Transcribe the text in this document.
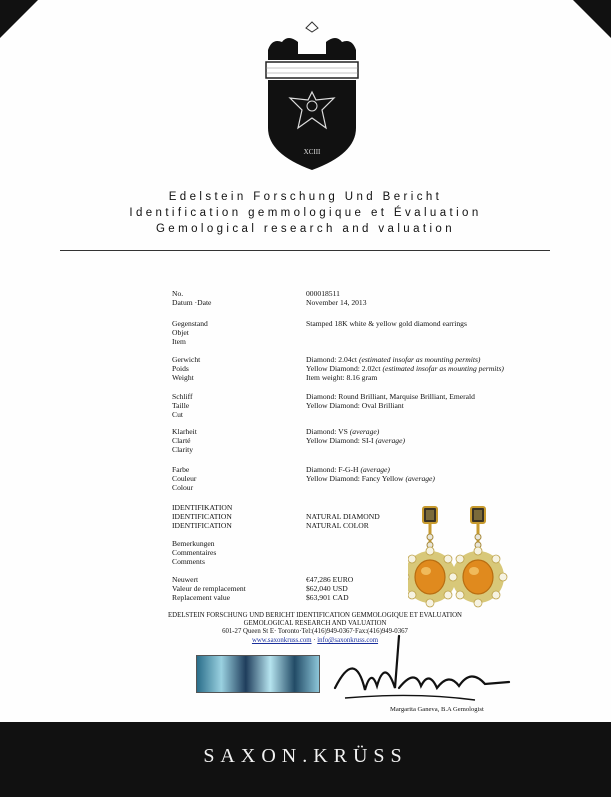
XCIII
Edelstein Forschung Und Bericht
Identification gemmologique et Évaluation
Gemological research and valuation
No.
Datum ·Date
000018511
November 14, 2013
Gegenstand
Objet
Item
Stamped 18K white & yellow gold diamond earrings
Gerwicht
Poids
Weight
Diamond: 2.04ct (estimated insofar as mounting permits)
Yellow Diamond: 2.02ct (estimated insofar as mounting permits)
Item weight: 8.16 gram
Schliff
Taille
Cut
Diamond: Round Brilliant, Marquise Brilliant, Emerald
Yellow Diamond: Oval Brilliant
Klarheit
Clarté
Clarity
Diamond: VS (average)
Yellow Diamond: SI-I (average)
Farbe
Couleur
Colour
Diamond: F-G-H (average)
Yellow Diamond: Fancy Yellow (average)
IDENTIFIKATION
IDENTIFICATION
IDENTIFICATION
NATURAL DIAMOND
NATURAL COLOR
Bemerkungen
Commentaires
Comments
Neuwert
Valeur de remplacement
Replacement value
€47,286 EURO
$62,040 USD
$63,901 CAD
EDELSTEIN FORSCHUNG UND BERICHT IDENTIFICATION GEMMOLOGIQUE ET EVALUATION
GEMOLOGICAL RESEARCH AND VALUATION
601-27 Queen St E· Toronto·Tel:(416)949-0367·Fax:(416)949-0367
www.saxonkruss.com · info@saxonkruss.com
Margarita Ganeva, B.A Gemologist
SAXON.KRÜSS
